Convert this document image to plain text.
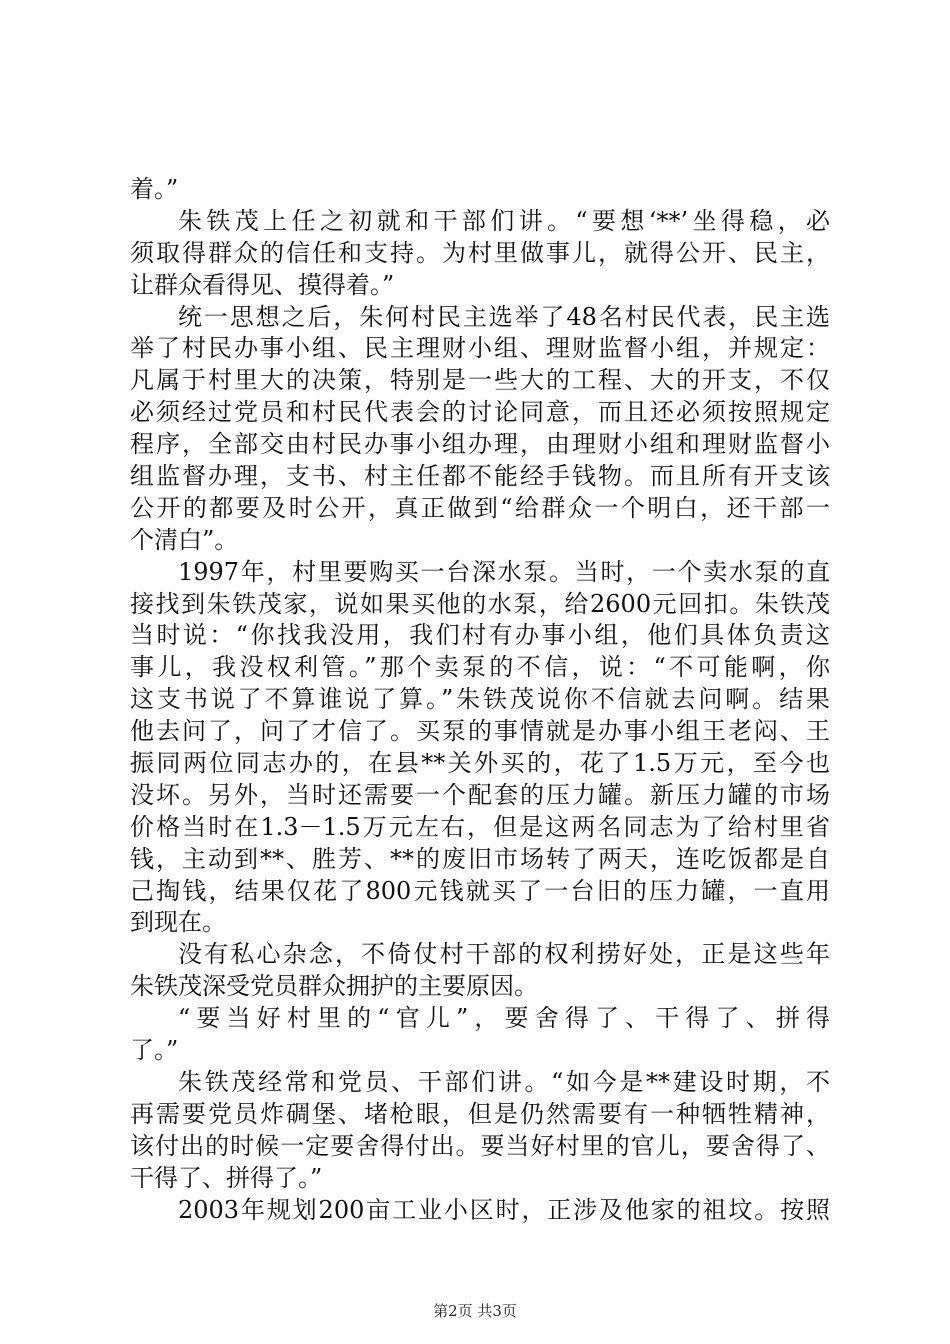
着。”
朱铁茂上任之初就和干部们讲。“要想‘**’坐得稳，必
须取得群众的信任和支持。为村里做事儿，就得公开、民主，
让群众看得见、摸得着。”
统一思想之后，朱何村民主选举了48名村民代表，民主选
举了村民办事小组、民主理财小组、理财监督小组，并规定：
凡属于村里大的决策，特别是一些大的工程、大的开支，不仅
必须经过党员和村民代表会的讨论同意，而且还必须按照规定
程序，全部交由村民办事小组办理，由理财小组和理财监督小
组监督办理，支书、村主任都不能经手钱物。而且所有开支该
公开的都要及时公开，真正做到“给群众一个明白，还干部一
个清白”。
1997年，村里要购买一台深水泵。当时，一个卖水泵的直
接找到朱铁茂家，说如果买他的水泵，给2600元回扣。朱铁茂
当时说：“你找我没用，我们村有办事小组，他们具体负责这
事儿，我没权利管。”那个卖泵的不信，说：“不可能啊，你
这支书说了不算谁说了算。”朱铁茂说你不信就去问啊。结果
他去问了，问了才信了。买泵的事情就是办事小组王老闷、王
振同两位同志办的，在县**关外买的，花了1.5万元，至今也
没坏。另外，当时还需要一个配套的压力罐。新压力罐的市场
价格当时在1.3－1.5万元左右，但是这两名同志为了给村里省
钱，主动到**、胜芳、**的废旧市场转了两天，连吃饭都是自
己掏钱，结果仅花了800元钱就买了一台旧的压力罐，一直用
到现在。
没有私心杂念，不倚仗村干部的权利捞好处，正是这些年
朱铁茂深受党员群众拥护的主要原因。
“要当好村里的“官儿”，要舍得了、干得了、拼得
了。”
朱铁茂经常和党员、干部们讲。“如今是**建设时期，不
再需要党员炸碉堡、堵枪眼，但是仍然需要有一种牺牲精神，
该付出的时候一定要舍得付出。要当好村里的官儿，要舍得了、
干得了、拼得了。”
2003年规划200亩工业小区时，正涉及他家的祖坟。按照
第2页 共3页
